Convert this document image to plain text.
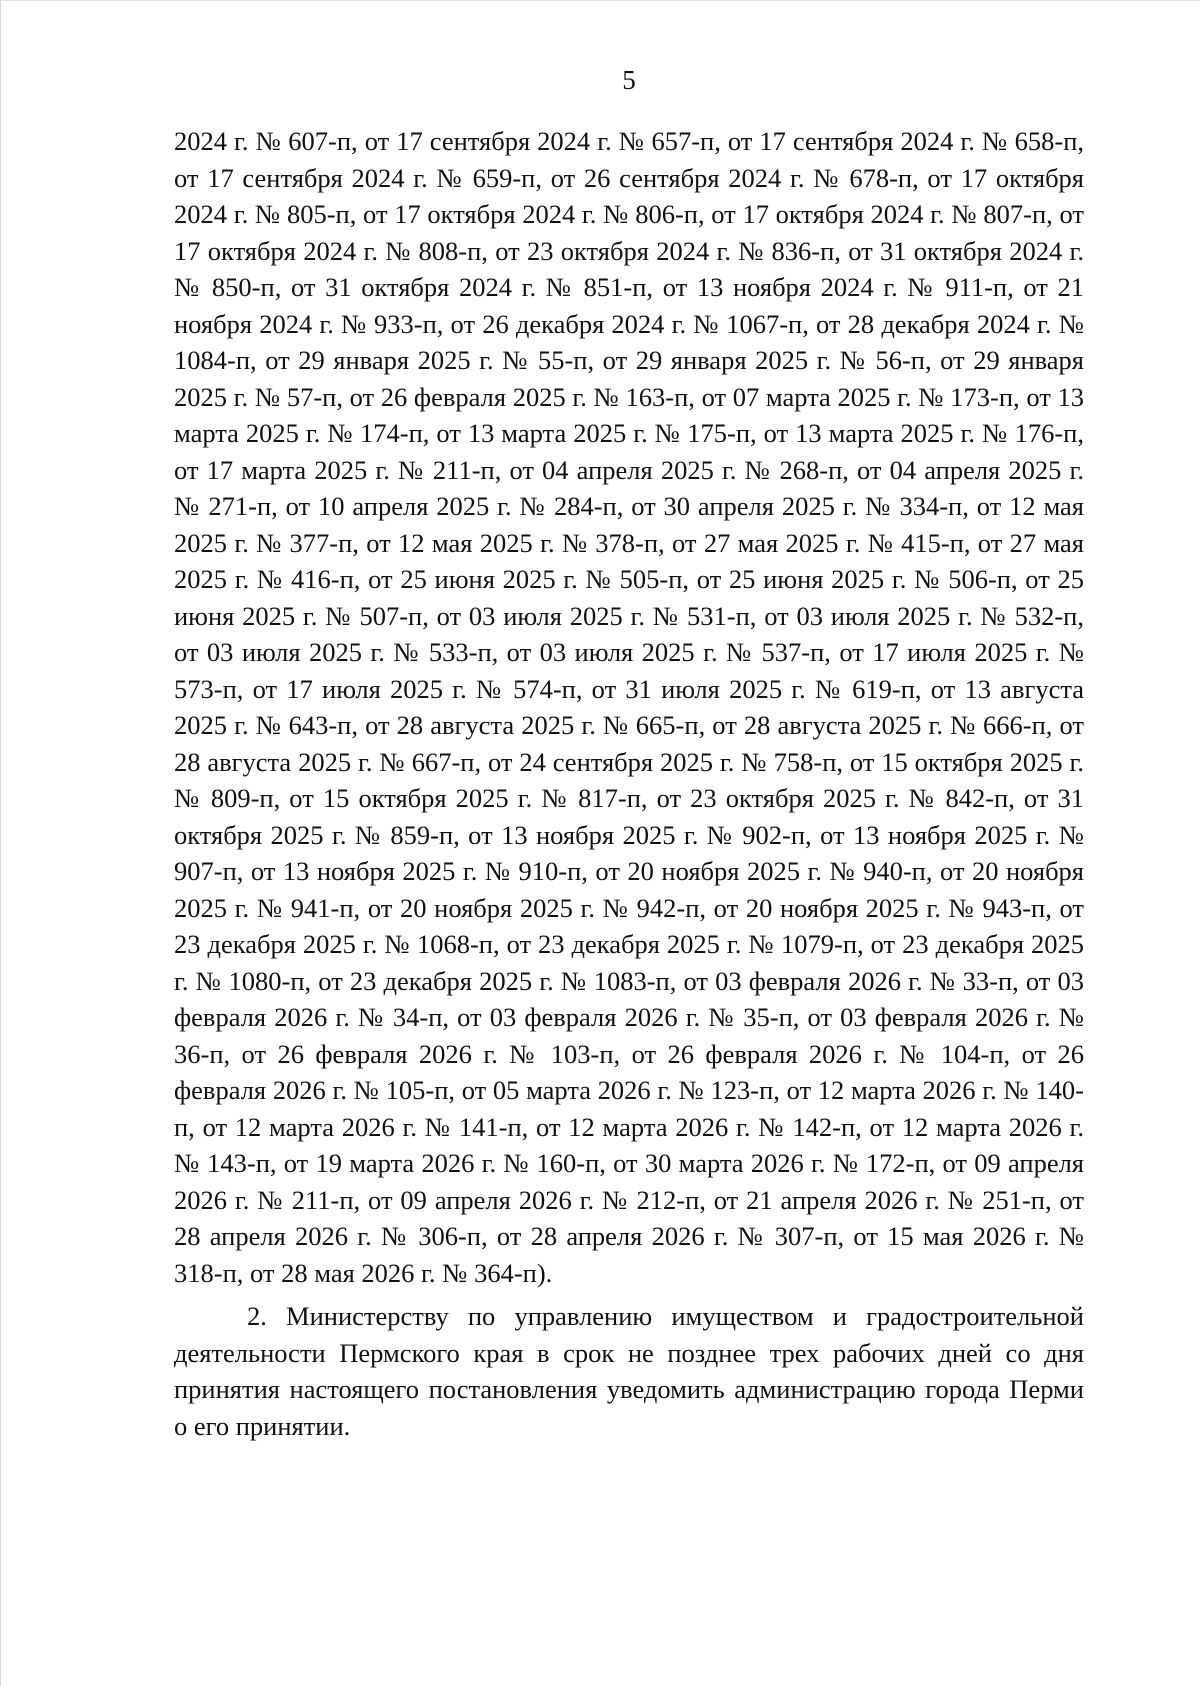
5

2024 г. № 607-п, от 17 сентября 2024 г. № 657-п, от 17 сентября 2024 г. № 658-п, от 17 сентября 2024 г. № 659-п, от 26 сентября 2024 г. № 678-п, от 17 октября 2024 г. № 805-п, от 17 октября 2024 г. № 806-п, от 17 октября 2024 г. № 807-п, от 17 октября 2024 г. № 808-п, от 23 октября 2024 г. № 836-п, от 31 октября 2024 г. № 850-п, от 31 октября 2024 г. № 851-п, от 13 ноября 2024 г. № 911-п, от 21 ноября 2024 г. № 933-п, от 26 декабря 2024 г. № 1067-п, от 28 декабря 2024 г. № 1084-п, от 29 января 2025 г. № 55-п, от 29 января 2025 г. № 56-п, от 29 января 2025 г. № 57-п, от 26 февраля 2025 г. № 163-п, от 07 марта 2025 г. № 173-п, от 13 марта 2025 г. № 174-п, от 13 марта 2025 г. № 175-п, от 13 марта 2025 г. № 176-п, от 17 марта 2025 г. № 211-п, от 04 апреля 2025 г. № 268-п, от 04 апреля 2025 г. № 271-п, от 10 апреля 2025 г. № 284-п, от 30 апреля 2025 г. № 334-п, от 12 мая 2025 г. № 377-п, от 12 мая 2025 г. № 378-п, от 27 мая 2025 г. № 415-п, от 27 мая 2025 г. № 416-п, от 25 июня 2025 г. № 505-п, от 25 июня 2025 г. № 506-п, от 25 июня 2025 г. № 507-п, от 03 июля 2025 г. № 531-п, от 03 июля 2025 г. № 532-п, от 03 июля 2025 г. № 533-п, от 03 июля 2025 г. № 537-п, от 17 июля 2025 г. № 573-п, от 17 июля 2025 г. № 574-п, от 31 июля 2025 г. № 619-п, от 13 августа 2025 г. № 643-п, от 28 августа 2025 г. № 665-п, от 28 августа 2025 г. № 666-п, от 28 августа 2025 г. № 667-п, от 24 сентября 2025 г. № 758-п, от 15 октября 2025 г. № 809-п, от 15 октября 2025 г. № 817-п, от 23 октября 2025 г. № 842-п, от 31 октября 2025 г. № 859-п, от 13 ноября 2025 г. № 902-п, от 13 ноября 2025 г. № 907-п, от 13 ноября 2025 г. № 910-п, от 20 ноября 2025 г. № 940-п, от 20 ноября 2025 г. № 941-п, от 20 ноября 2025 г. № 942-п, от 20 ноября 2025 г. № 943-п, от 23 декабря 2025 г. № 1068-п, от 23 декабря 2025 г. № 1079-п, от 23 декабря 2025 г. № 1080-п, от 23 декабря 2025 г. № 1083-п, от 03 февраля 2026 г. № 33-п, от 03 февраля 2026 г. № 34-п, от 03 февраля 2026 г. № 35-п, от 03 февраля 2026 г. № 36-п, от 26 февраля 2026 г. № 103-п, от 26 февраля 2026 г. № 104-п, от 26 февраля 2026 г. № 105-п, от 05 марта 2026 г. № 123-п, от 12 марта 2026 г. № 140-п, от 12 марта 2026 г. № 141-п, от 12 марта 2026 г. № 142-п, от 12 марта 2026 г. № 143-п, от 19 марта 2026 г. № 160-п, от 30 марта 2026 г. № 172-п, от 09 апреля 2026 г. № 211-п, от 09 апреля 2026 г. № 212-п, от 21 апреля 2026 г. № 251-п, от 28 апреля 2026 г. № 306-п, от 28 апреля 2026 г. № 307-п, от 15 мая 2026 г. № 318-п, от 28 мая 2026 г. № 364-п).

2. Министерству по управлению имуществом и градостроительной деятельности Пермского края в срок не позднее трех рабочих дней со дня принятия настоящего постановления уведомить администрацию города Перми о его принятии.
